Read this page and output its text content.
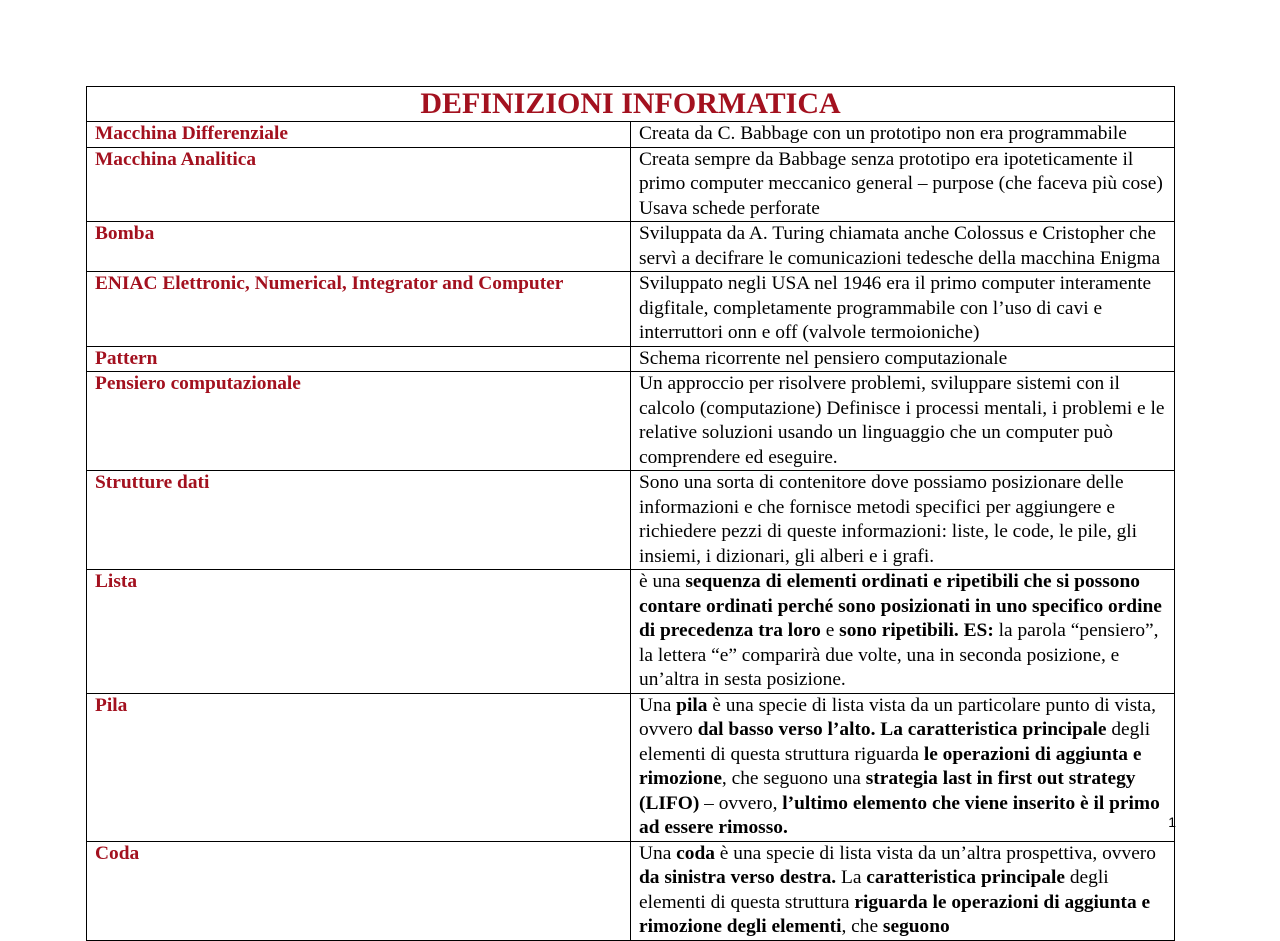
DEFINIZIONI INFORMATICA	
Macchina Differenziale	Creata da C. Babbage con un prototipo non era programmabile
Macchina Analitica	Creata sempre da Babbage senza prototipo era ipoteticamente il primo computer meccanico general – purpose (che faceva più cose) Usava schede perforate
Bomba	Sviluppata da A. Turing chiamata anche Colossus e Cristopher che servì a decifrare le comunicazioni tedesche della macchina Enigma
ENIAC Elettronic, Numerical, Integrator and Computer	Sviluppato negli USA nel 1946 era il primo computer interamente digfitale, completamente programmabile con l’uso di cavi e interruttori onn e off (valvole termoioniche)
Pattern	Schema ricorrente nel pensiero computazionale
Pensiero computazionale	Un approccio per risolvere problemi, sviluppare sistemi con il calcolo (computazione) Definisce i processi mentali, i problemi e le relative soluzioni usando un linguaggio che un computer può comprendere ed eseguire.
Strutture dati	Sono una sorta di contenitore dove possiamo posizionare delle informazioni e che fornisce metodi specifici per aggiungere e richiedere pezzi di queste informazioni: liste, le code, le pile, gli insiemi, i dizionari, gli alberi e i grafi.
Lista	è una sequenza di elementi ordinati e ripetibili che si possono contare ordinati perché sono posizionati in uno specifico ordine di precedenza tra loro e sono ripetibili. ES: la parola “pensiero”, la lettera “e” comparirà due volte, una in seconda posizione, e un’altra in sesta posizione.
Pila	Una pila è una specie di lista vista da un particolare punto di vista, ovvero dal basso verso l’alto. La caratteristica principale degli elementi di questa struttura riguarda le operazioni di aggiunta e rimozione, che seguono una strategia last in first out strategy (LIFO) – ovvero, l’ultimo elemento che viene inserito è il primo ad essere rimosso.
Coda	Una coda è una specie di lista vista da un’altra prospettiva, ovvero da sinistra verso destra. La caratteristica principale degli elementi di questa struttura riguarda le operazioni di aggiunta e rimozione degli elementi, che seguono
1
